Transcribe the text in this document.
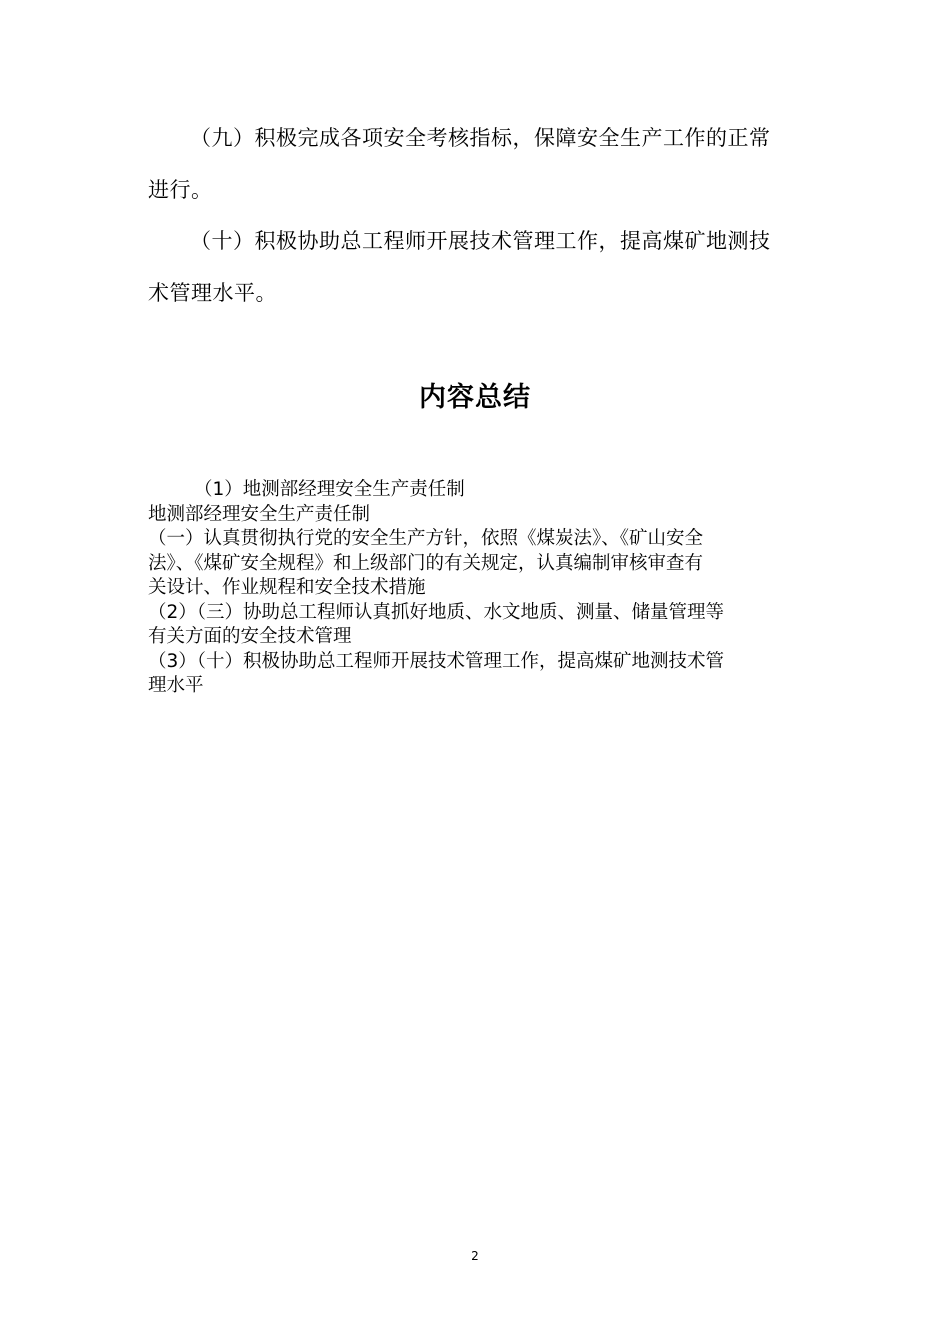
（九）积极完成各项安全考核指标，保障安全生产工作的正常
进行。
（十）积极协助总工程师开展技术管理工作，提高煤矿地测技
术管理水平。
内容总结
（1）地测部经理安全生产责任制
地测部经理安全生产责任制
（一）认真贯彻执行党的安全生产方针，依照《煤炭法》、《矿山安全
法》、《煤矿安全规程》和上级部门的有关规定，认真编制审核审查有
关设计、作业规程和安全技术措施
（2）（三）协助总工程师认真抓好地质、水文地质、测量、储量管理等
有关方面的安全技术管理
（3）（十）积极协助总工程师开展技术管理工作，提高煤矿地测技术管
理水平
2
